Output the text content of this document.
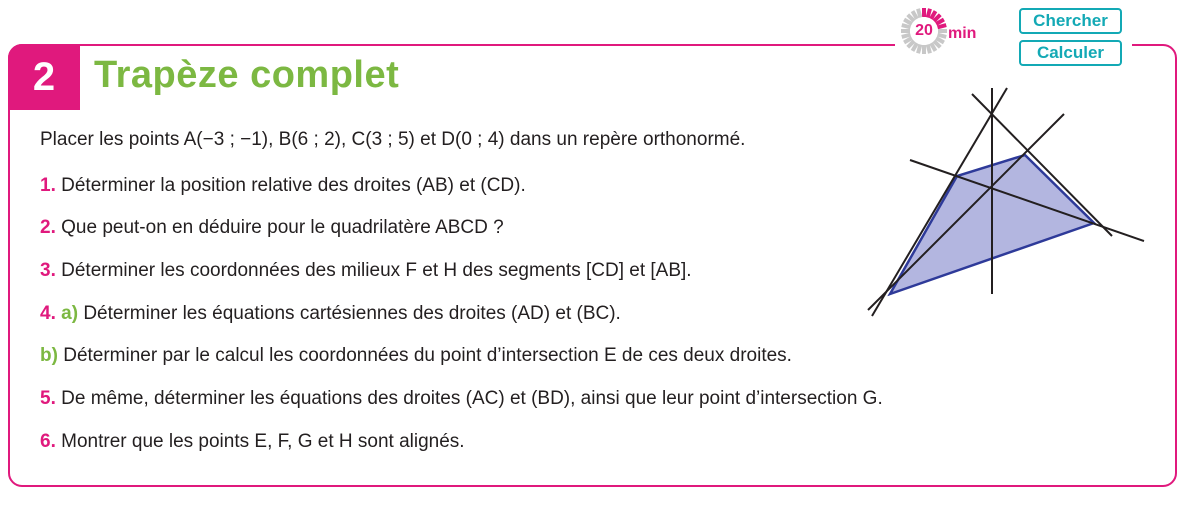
2	Trapèze complet
20 min
Chercher
Calculer
Placer les points A(−3 ; −1), B(6 ; 2), C(3 ; 5) et D(0 ; 4) dans un repère orthonormé.
1. Déterminer la position relative des droites (AB) et (CD).
2. Que peut-on en déduire pour le quadrilatère ABCD ?
3. Déterminer les coordonnées des milieux F et H des segments [CD] et [AB].
4. a) Déterminer les équations cartésiennes des droites (AD) et (BC).
b) Déterminer par le calcul les coordonnées du point d’intersection E de ces deux droites.
5. De même, déterminer les équations des droites (AC) et (BD), ainsi que leur point d’intersection G.
6. Montrer que les points E, F, G et H sont alignés.
